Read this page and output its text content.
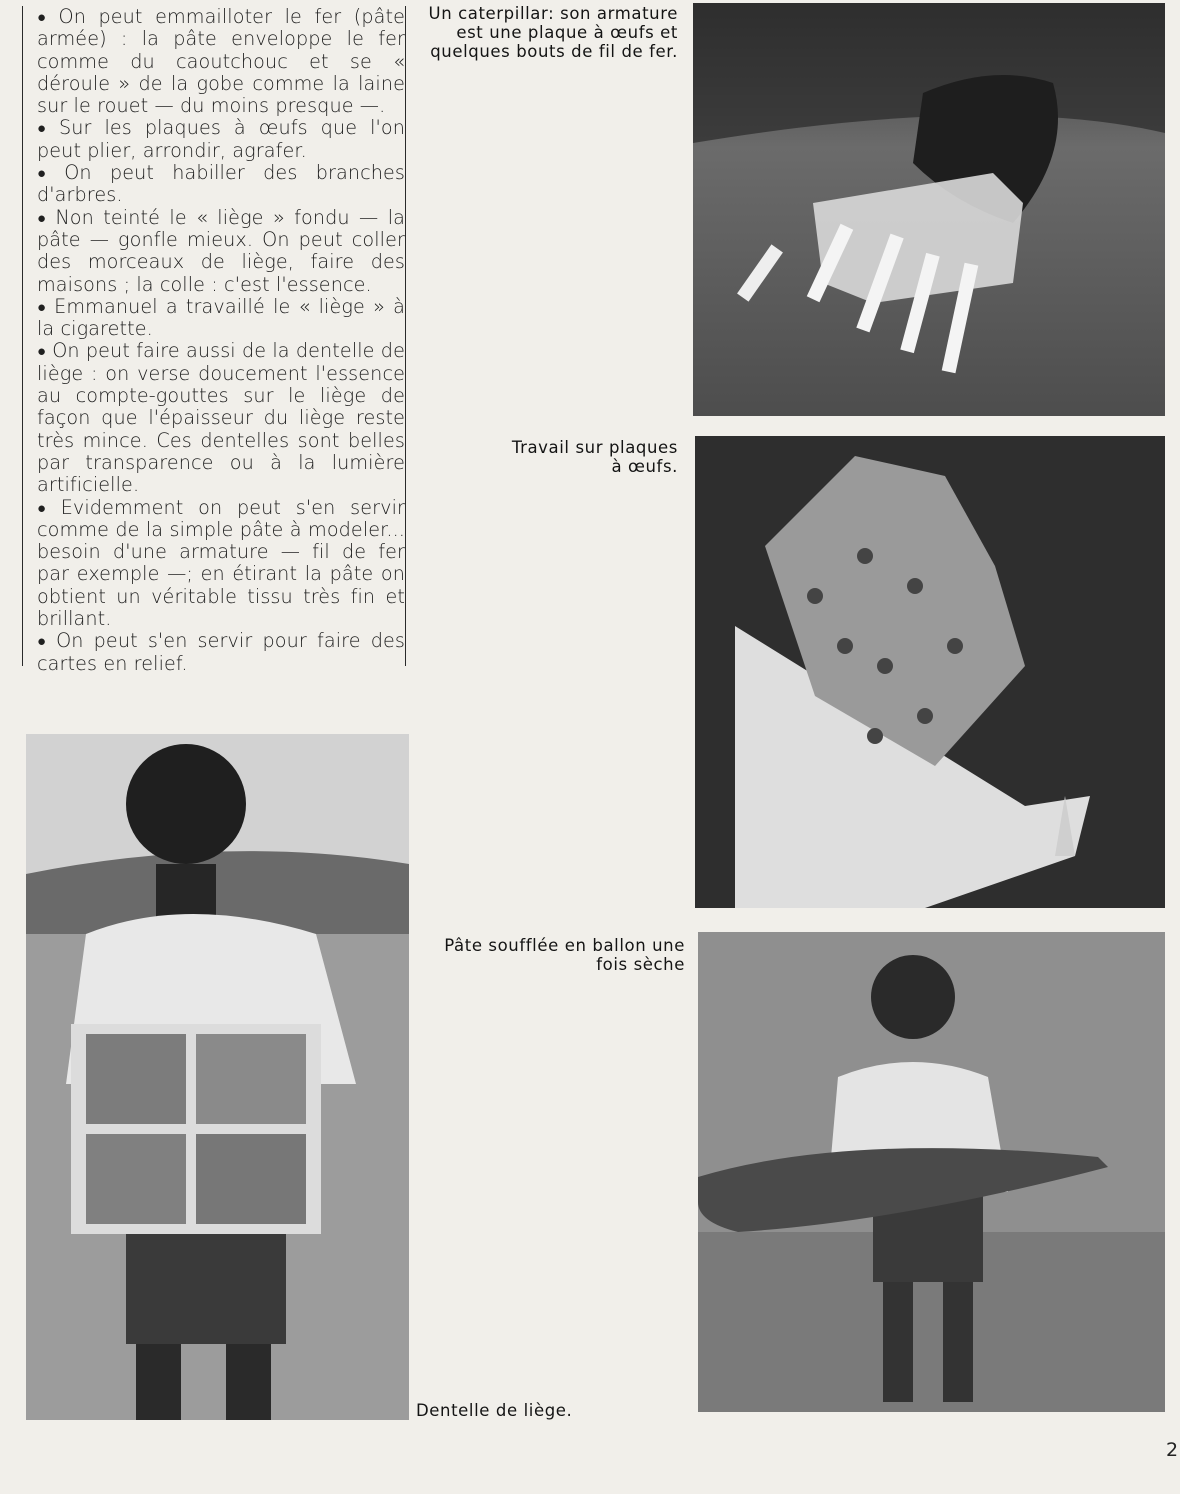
● On peut emmailloter le fer (pâte armée) : la pâte enveloppe le fer comme du caoutchouc et se « déroule » de la gobe comme la laine sur le rouet — du moins presque —.

● Sur les plaques à œufs que l'on peut plier, arrondir, agrafer.

● On peut habiller des branches d'arbres.

● Non teinté le « liège » fondu — la pâte — gonfle mieux. On peut coller des morceaux de liège, faire des maisons ; la colle : c'est l'essence.

● Emmanuel a travaillé le « liège » à la cigarette.

● On peut faire aussi de la dentelle de liège : on verse doucement l'essence au compte-gouttes sur le liège de façon que l'épaisseur du liège reste très mince. Ces dentelles sont belles par transparence ou à la lumière artificielle.

● Evidemment on peut s'en servir comme de la simple pâte à modeler... besoin d'une armature — fil de fer par exemple —; en étirant la pâte on obtient un véritable tissu très fin et brillant.

● On peut s'en servir pour faire des cartes en relief.

Un caterpillar: son armature est une plaque à œufs et quelques bouts de fil de fer.
Travail sur plaques à œufs.
Pâte soufflée en ballon une fois sèche
Dentelle de liège.
2
